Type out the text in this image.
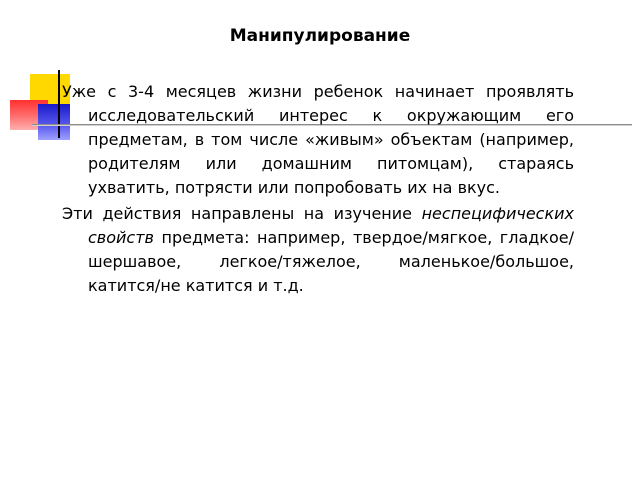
Манипулирование

Уже с 3-4 месяцев жизни ребенок начинает проявлять исследовательский интерес к окружающим его предметам, в том числе «живым» объектам (например, родителям или домашним питомцам), стараясь ухватить, потрясти или попробовать их на вкус.

Эти действия направлены на изучение неспецифических свойств предмета: например, твердое/мягкое, гладкое/шершавое, легкое/тяжелое, маленькое/большое, катится/не катится и т.д.
